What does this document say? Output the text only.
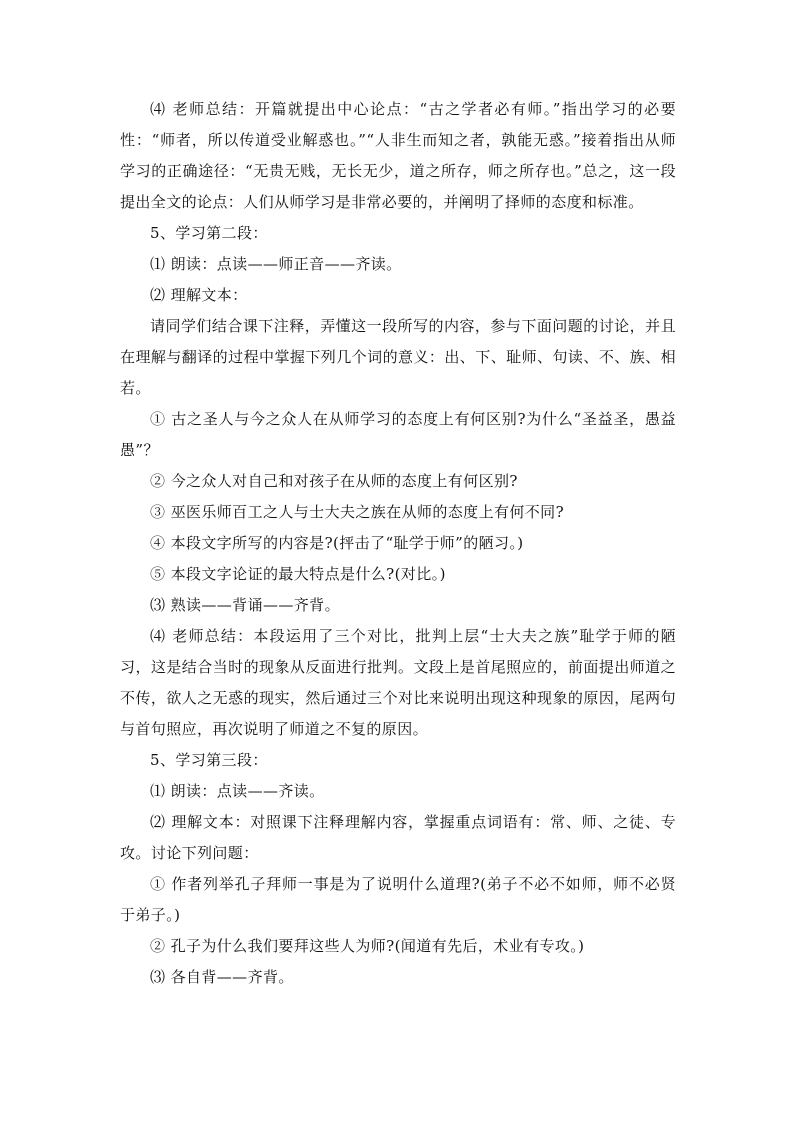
⑷ 老师总结：开篇就提出中心论点：“古之学者必有师。”指出学习的必要性：“师者，所以传道受业解惑也。”“人非生而知之者，孰能无惑。”接着指出从师学习的正确途径：“无贵无贱，无长无少，道之所存，师之所存也。”总之，这一段提出全文的论点：人们从师学习是非常必要的，并阐明了择师的态度和标准。

5、学习第二段：

⑴ 朗读：点读——师正音——齐读。

⑵ 理解文本：

请同学们结合课下注释，弄懂这一段所写的内容，参与下面问题的讨论，并且在理解与翻译的过程中掌握下列几个词的意义：出、下、耻师、句读、不、族、相若。

① 古之圣人与今之众人在从师学习的态度上有何区别?为什么“圣益圣，愚益愚”？

② 今之众人对自己和对孩子在从师的态度上有何区别?

③ 巫医乐师百工之人与士大夫之族在从师的态度上有何不同?

④ 本段文字所写的内容是?(抨击了“耻学于师”的陋习。)

⑤ 本段文字论证的最大特点是什么?(对比。)

⑶ 熟读——背诵——齐背。

⑷ 老师总结：本段运用了三个对比，批判上层“士大夫之族”耻学于师的陋习，这是结合当时的现象从反面进行批判。文段上是首尾照应的，前面提出师道之不传，欲人之无惑的现实，然后通过三个对比来说明出现这种现象的原因，尾两句与首句照应，再次说明了师道之不复的原因。

5、学习第三段：

⑴ 朗读：点读——齐读。

⑵ 理解文本：对照课下注释理解内容，掌握重点词语有：常、师、之徒、专攻。讨论下列问题：

① 作者列举孔子拜师一事是为了说明什么道理?(弟子不必不如师，师不必贤于弟子。)

② 孔子为什么我们要拜这些人为师?(闻道有先后，术业有专攻。)

⑶ 各自背——齐背。
